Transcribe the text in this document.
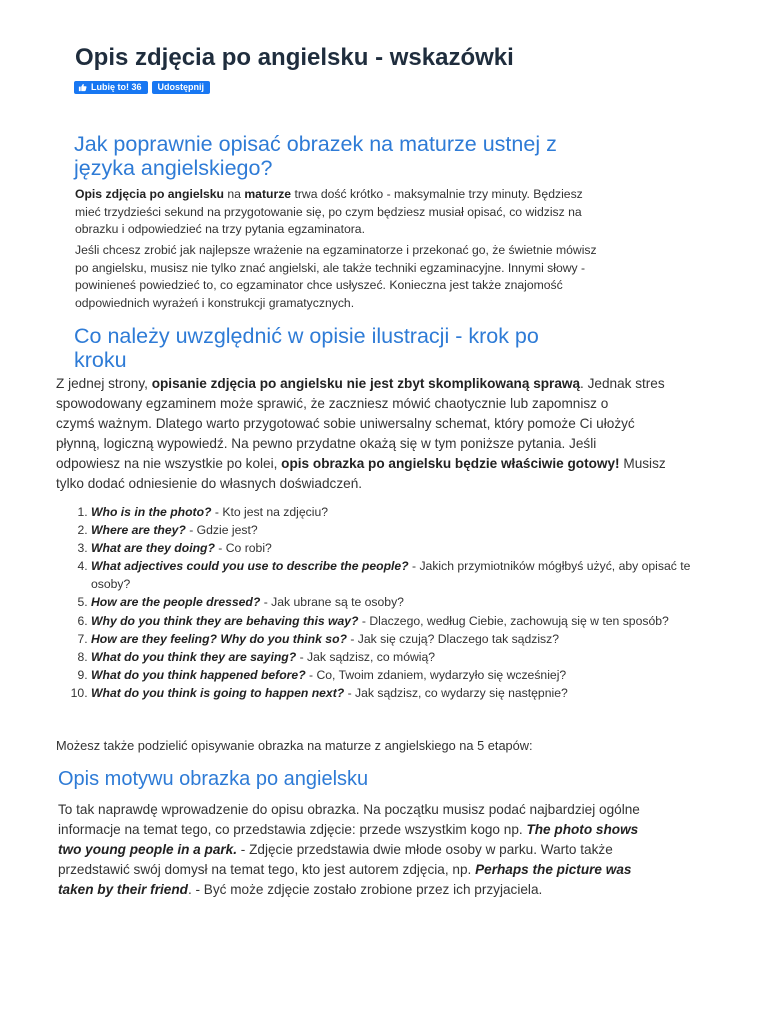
Opis zdjęcia po angielsku - wskazówki
Lubię to! 36 Udostępnij
Jak poprawnie opisać obrazek na maturze ustnej z
języka angielskiego?

Opis zdjęcia po angielsku na maturze trwa dość krótko - maksymalnie trzy minuty. Będziesz
mieć trzydzieści sekund na przygotowanie się, po czym będziesz musiał opisać, co widzisz na
obrazku i odpowiedzieć na trzy pytania egzaminatora.

Jeśli chcesz zrobić jak najlepsze wrażenie na egzaminatorze i przekonać go, że świetnie mówisz
po angielsku, musisz nie tylko znać angielski, ale także techniki egzaminacyjne. Innymi słowy -
powinieneś powiedzieć to, co egzaminator chce usłyszeć. Konieczna jest także znajomość
odpowiednich wyrażeń i konstrukcji gramatycznych.

Co należy uwzględnić w opisie ilustracji - krok po
kroku

Z jednej strony, opisanie zdjęcia po angielsku nie jest zbyt skomplikowaną sprawą. Jednak stres
spowodowany egzaminem może sprawić, że zaczniesz mówić chaotycznie lub zapomnisz o
czymś ważnym. Dlatego warto przygotować sobie uniwersalny schemat, który pomoże Ci ułożyć
płynną, logiczną wypowiedź. Na pewno przydatne okażą się w tym poniższe pytania. Jeśli
odpowiesz na nie wszystkie po kolei, opis obrazka po angielsku będzie właściwie gotowy! Musisz
tylko dodać odniesienie do własnych doświadczeń.

1. Who is in the photo? - Kto jest na zdjęciu?
2. Where are they? - Gdzie jest?
3. What are they doing? - Co robi?
4. What adjectives could you use to describe the people? - Jakich przymiotników mógłbyś użyć, aby opisać te osoby?
5. How are the people dressed? - Jak ubrane są te osoby?
6. Why do you think they are behaving this way? - Dlaczego, według Ciebie, zachowują się w ten sposób?
7. How are they feeling? Why do you think so? - Jak się czują? Dlaczego tak sądzisz?
8. What do you think they are saying? - Jak sądzisz, co mówią?
9. What do you think happened before? - Co, Twoim zdaniem, wydarzyło się wcześniej?
10. What do you think is going to happen next? - Jak sądzisz, co wydarzy się następnie?

Możesz także podzielić opisywanie obrazka na maturze z angielskiego na 5 etapów:

Opis motywu obrazka po angielsku

To tak naprawdę wprowadzenie do opisu obrazka. Na początku musisz podać najbardziej ogólne
informacje na temat tego, co przedstawia zdjęcie: przede wszystkim kogo np. The photo shows
two young people in a park. - Zdjęcie przedstawia dwie młode osoby w parku. Warto także
przedstawić swój domysł na temat tego, kto jest autorem zdjęcia, np. Perhaps the picture was
taken by their friend. - Być może zdjęcie zostało zrobione przez ich przyjaciela.
